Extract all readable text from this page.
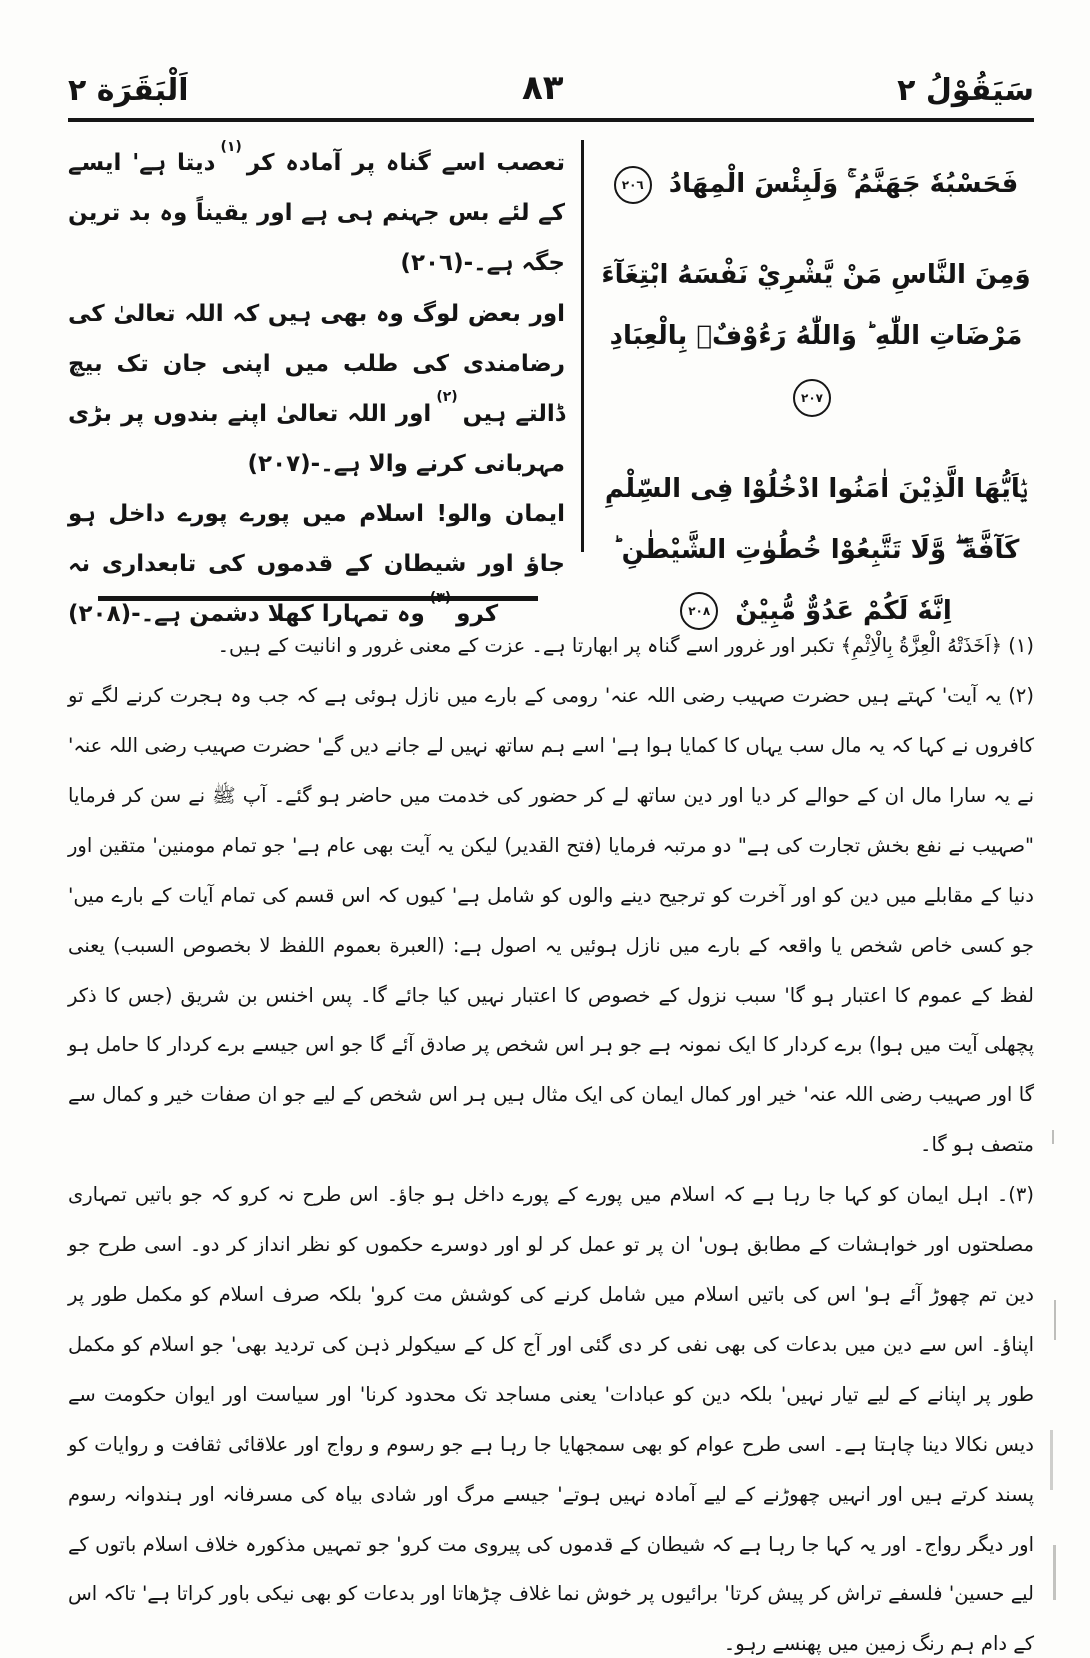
سَيَقُوْلُ ٢
٨٣
اَلْبَقَرَة ٢

فَحَسْبُهٗ جَهَنَّمُ ۚ وَلَبِئْسَ الْمِهَادُ ٢٠٦

وَمِنَ النَّاسِ مَنْ يَّشْرِيْ نَفْسَهُ ابْتِغَآءَ مَرْضَاتِ اللّٰهِ ؕ وَاللّٰهُ رَءُوْفٌۢ بِالْعِبَادِ ٢٠٧

يٰۤاَيُّهَا الَّذِيْنَ اٰمَنُوا ادْخُلُوْا فِى السِّلْمِ كَآفَّةً ۖ وَّلَا تَتَّبِعُوْا خُطُوٰتِ الشَّيْطٰنِ ؕ اِنَّهٗ لَكُمْ عَدُوٌّ مُّبِيْنٌ ٢٠٨

تعصب اسے گناہ پر آمادہ کر$^{(١)}$دیتا ہے' ایسے کے لئے بس جہنم ہی ہے اور یقیناً وہ بد ترین جگہ ہے۔-(٢٠٦)

اور بعض لوگ وہ بھی ہیں کہ اللہ تعالیٰ کی رضامندی کی طلب میں اپنی جان تک بیچ ڈالتے ہیں$^{(٢)}$اور اللہ تعالیٰ اپنے بندوں پر بڑی مہربانی کرنے والا ہے۔-(٢٠٧)

ایمان والو! اسلام میں پورے پورے داخل ہو جاؤ اور شیطان کے قدموں کی تابعداری نہ کرو$^{(٣)}$وہ تمہارا کھلا دشمن ہے۔-(٢٠٨)

(١) ﴿اَخَذَتْهُ الْعِزَّةُ بِالْاِثْمِ﴾ تکبر اور غرور اسے گناہ پر ابھارتا ہے۔ عزت کے معنی غرور و انانیت کے ہیں۔

(٢) یہ آیت' کہتے ہیں حضرت صہیب رضی اللہ عنہ' رومی کے بارے میں نازل ہوئی ہے کہ جب وہ ہجرت کرنے لگے تو کافروں نے کہا کہ یہ مال سب یہاں کا کمایا ہوا ہے' اسے ہم ساتھ نہیں لے جانے دیں گے' حضرت صہیب رضی اللہ عنہ' نے یہ سارا مال ان کے حوالے کر دیا اور دین ساتھ لے کر حضور کی خدمت میں حاضر ہو گئے۔ آپ ﷺ نے سن کر فرمایا "صہیب نے نفع بخش تجارت کی ہے" دو مرتبہ فرمایا (فتح القدیر) لیکن یہ آیت بھی عام ہے' جو تمام مومنین' متقین اور دنیا کے مقابلے میں دین کو اور آخرت کو ترجیح دینے والوں کو شامل ہے' کیوں کہ اس قسم کی تمام آیات کے بارے میں' جو کسی خاص شخص یا واقعہ کے بارے میں نازل ہوئیں یہ اصول ہے: (العبرة بعموم اللفظ لا بخصوص السبب) یعنی لفظ کے عموم کا اعتبار ہو گا' سبب نزول کے خصوص کا اعتبار نہیں کیا جائے گا۔ پس اخنس بن شریق (جس کا ذکر پچھلی آیت میں ہوا) برے کردار کا ایک نمونہ ہے جو ہر اس شخص پر صادق آئے گا جو اس جیسے برے کردار کا حامل ہو گا اور صہیب رضی اللہ عنہ' خیر اور کمال ایمان کی ایک مثال ہیں ہر اس شخص کے لیے جو ان صفات خیر و کمال سے متصف ہو گا۔

(٣)۔ اہل ایمان کو کہا جا رہا ہے کہ اسلام میں پورے کے پورے داخل ہو جاؤ۔ اس طرح نہ کرو کہ جو باتیں تمہاری مصلحتوں اور خواہشات کے مطابق ہوں' ان پر تو عمل کر لو اور دوسرے حکموں کو نظر انداز کر دو۔ اسی طرح جو دین تم چھوڑ آئے ہو' اس کی باتیں اسلام میں شامل کرنے کی کوشش مت کرو' بلکہ صرف اسلام کو مکمل طور پر اپناؤ۔ اس سے دین میں بدعات کی بھی نفی کر دی گئی اور آج کل کے سیکولر ذہن کی تردید بھی' جو اسلام کو مکمل طور پر اپنانے کے لیے تیار نہیں' بلکہ دین کو عبادات' یعنی مساجد تک محدود کرنا' اور سیاست اور ایوان حکومت سے دیس نکالا دینا چاہتا ہے۔ اسی طرح عوام کو بھی سمجھایا جا رہا ہے جو رسوم و رواج اور علاقائی ثقافت و روایات کو پسند کرتے ہیں اور انہیں چھوڑنے کے لیے آمادہ نہیں ہوتے' جیسے مرگ اور شادی بیاہ کی مسرفانہ اور ہندوانہ رسوم اور دیگر رواج۔ اور یہ کہا جا رہا ہے کہ شیطان کے قدموں کی پیروی مت کرو' جو تمہیں مذکورہ خلاف اسلام باتوں کے لیے حسین' فلسفے تراش کر پیش کرتا' برائیوں پر خوش نما غلاف چڑھاتا اور بدعات کو بھی نیکی باور کراتا ہے' تاکہ اس کے دام ہم رنگ زمین میں پھنسے رہو۔
